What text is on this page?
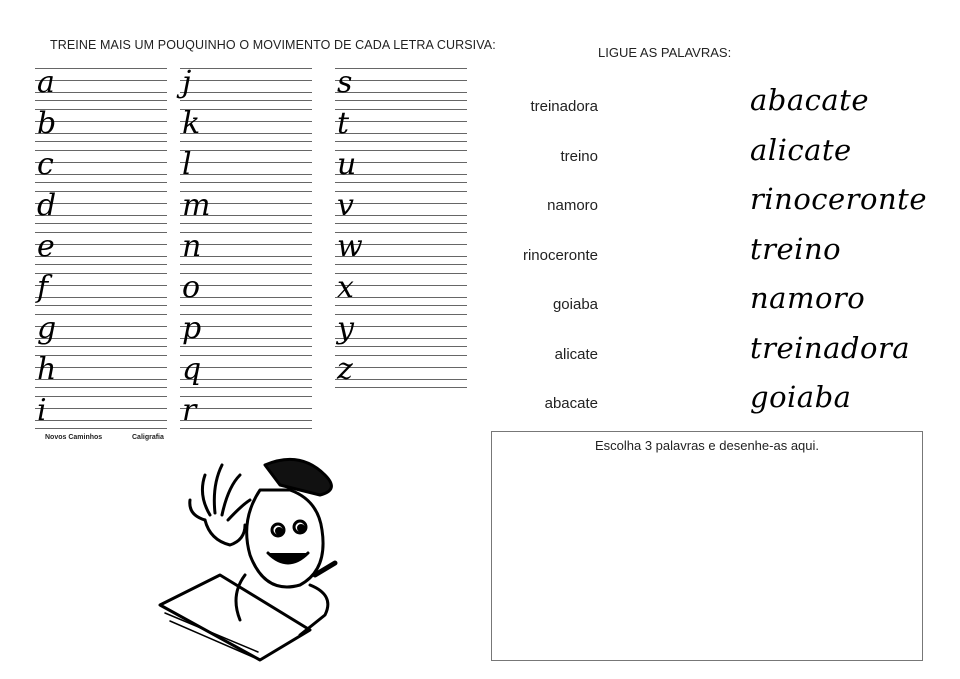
TREINE MAIS UM POUQUINHO O MOVIMENTO DE CADA LETRA CURSIVA:
a
b
c
d
e
f
g
h
i
j
k
l
m
n
o
p
q
r
s
t
u
v
w
x
y
z
Novos Caminhos	Caligrafia
LIGUE AS PALAVRAS:
treinadora
treino
namoro
rinoceronte
goiaba
alicate
abacate
abacate
alicate
rinoceronte
treino
namoro
treinadora
goiaba
Escolha 3 palavras e desenhe-as aqui.
